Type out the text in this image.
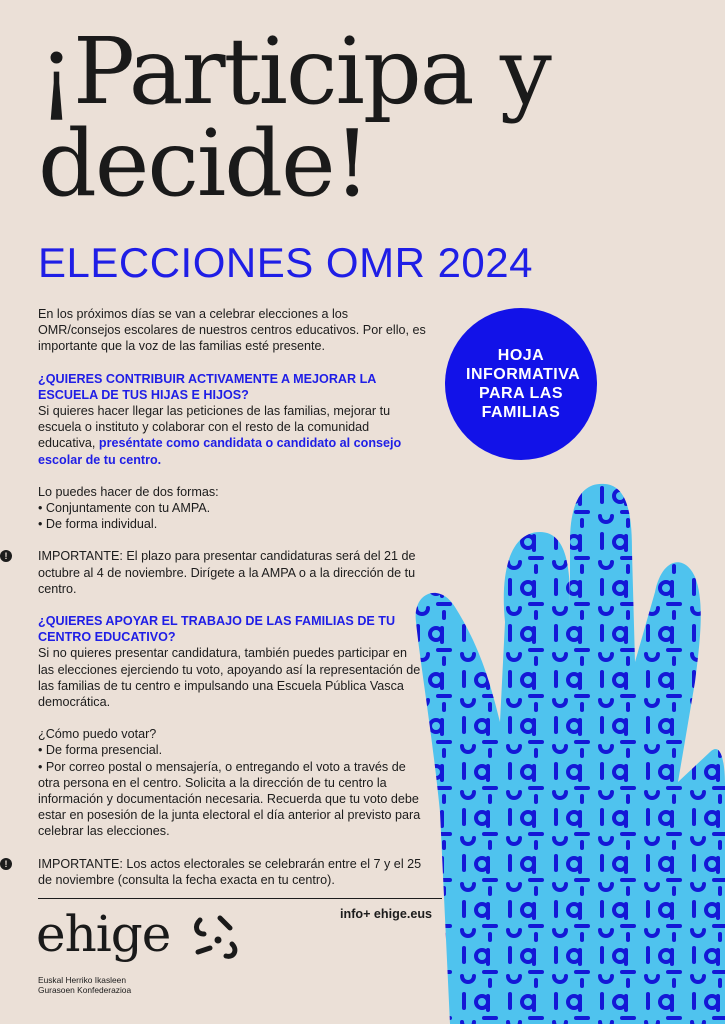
¡Participa y
decide!
ELECCIONES OMR 2024
HOJA INFORMATIVA PARA LAS FAMILIAS

En los próximos días se van a celebrar elecciones a los OMR/consejos escolares de nuestros centros educativos. Por ello, es importante que la voz de las familias esté presente.

¿QUIERES CONTRIBUIR ACTIVAMENTE A MEJORAR LA ESCUELA DE TUS HIJAS E HIJOS?

Si quieres hacer llegar las peticiones de las familias, mejorar tu escuela o instituto y colaborar con el resto de la comunidad educativa, preséntate como candidata o candidato al consejo escolar de tu centro.

Lo puedes hacer de dos formas:

• Conjuntamente con tu AMPA.

• De forma individual.

!	IMPORTANTE: El plazo para presentar candidaturas será del 21 de octubre al 4 de noviembre. Dirígete a la AMPA o a la dirección de tu centro.

¿QUIERES APOYAR EL TRABAJO DE LAS FAMILIAS DE TU CENTRO EDUCATIVO?

Si no quieres presentar candidatura, también puedes participar en las elecciones ejerciendo tu voto, apoyando así la representación de las familias de tu centro e impulsando una Escuela Pública Vasca democrática.

¿Cómo puedo votar?

• De forma presencial.

• Por correo postal o mensajería, o entregando el voto a través de otra persona en el centro. Solicita a la dirección de tu centro la información y documentación necesaria. Recuerda que tu voto debe estar en posesión de la junta electoral el día anterior al previsto para celebrar las elecciones.

!	IMPORTANTE: Los actos electorales se celebrarán entre el 7 y el 25 de noviembre (consulta la fecha exacta en tu centro).

ehige
Euskal Herriko Ikasleen
Gurasoen Konfederazioa
info+ ehige.eus
